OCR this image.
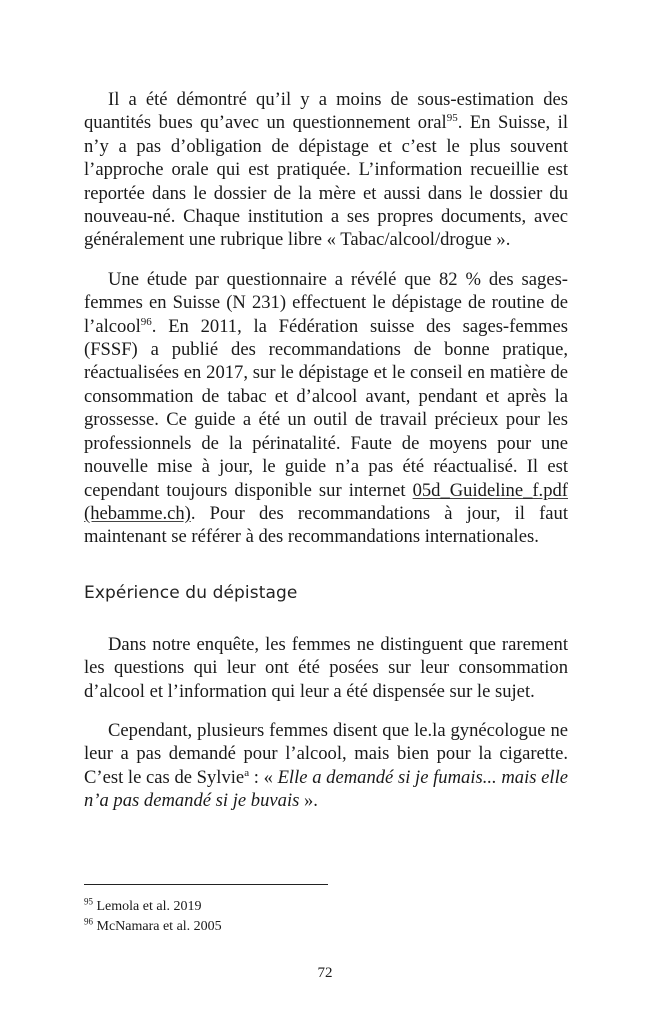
Il a été démontré qu’il y a moins de sous-estimation des quantités bues qu’avec un questionnement oral$^{95}$. En Suisse, il n’y a pas d’obligation de dépistage et c’est le plus souvent l’approche orale qui est pratiquée. L’information recueillie est reportée dans le dossier de la mère et aussi dans le dossier du nouveau-né. Chaque institution a ses propres documents, avec généralement une rubrique libre « Tabac/alcool/drogue ».

Une étude par questionnaire a révélé que 82 % des sages-femmes en Suisse (N 231) effectuent le dépistage de routine de l’alcool$^{96}$. En 2011, la Fédération suisse des sages-femmes (FSSF) a publié des recommandations de bonne pratique, réactualisées en 2017, sur le dépistage et le conseil en matière de consommation de tabac et d’alcool avant, pendant et après la grossesse. Ce guide a été un outil de travail précieux pour les professionnels de la périnatalité. Faute de moyens pour une nouvelle mise à jour, le guide n’a pas été réactualisé. Il est cependant toujours disponible sur internet 05d_Guideline_f.pdf (hebamme.ch). Pour des recommandations à jour, il faut maintenant se référer à des recommandations internationales.

Expérience du dépistage

Dans notre enquête, les femmes ne distinguent que rarement les questions qui leur ont été posées sur leur consommation d’alcool et l’information qui leur a été dispensée sur le sujet.

Cependant, plusieurs femmes disent que le.la gynécologue ne leur a pas demandé pour l’alcool, mais bien pour la cigarette. C’est le cas de Sylvie$^a$ : « Elle a demandé si je fumais... mais elle n’a pas demandé si je buvais ».

$^{95}$ Lemola et al. 2019
$^{96}$ McNamara et al. 2005
72
